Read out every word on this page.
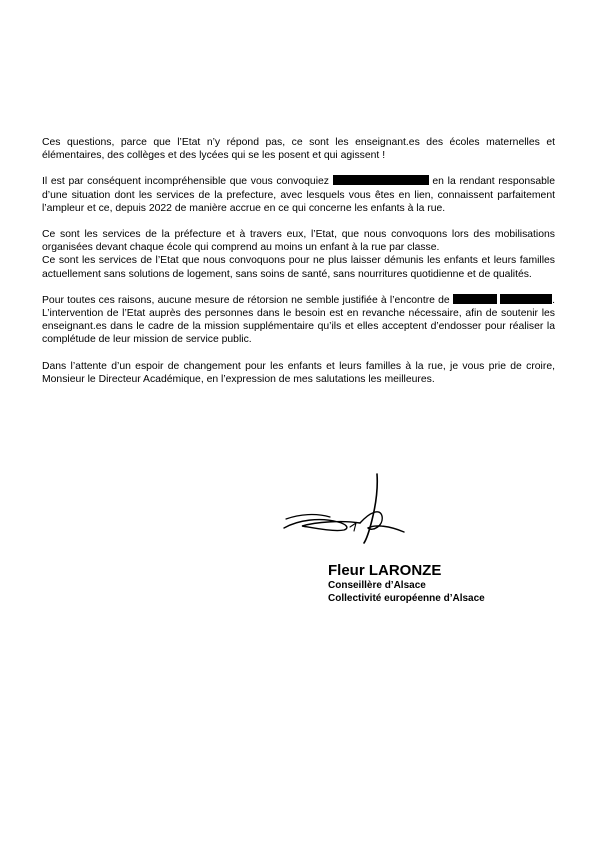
Ces questions, parce que l’Etat n’y répond pas, ce sont les enseignant.es des écoles maternelles et élémentaires, des collèges et des lycées qui se les posent et qui agissent !

Il est par conséquent incompréhensible que vous convoquiez	en la rendant responsable d’une situation dont les services de la prefecture, avec lesquels vous êtes en lien, connaissent parfaitement l’ampleur et ce, depuis 2022 de manière accrue en ce qui concerne les enfants à la rue.

Ce sont les services de la préfecture et à travers eux, l’Etat, que nous convoquons lors des mobilisations organisées devant chaque école qui comprend au moins un enfant à la rue par classe.

Ce sont les services de l’Etat que nous convoquons pour ne plus laisser démunis les enfants et leurs familles actuellement sans solutions de logement, sans soins de santé, sans nourritures quotidienne et de qualités.

Pour toutes ces raisons, aucune mesure de rétorsion ne semble justifiée à l’encontre de	. L’intervention de l’Etat auprès des personnes dans le besoin est en revanche nécessaire, afin de soutenir les enseignant.es dans le cadre de la mission supplémentaire qu’ils et elles acceptent d’endosser pour réaliser la complétude de leur mission de service public.

Dans l’attente d’un espoir de changement pour les enfants et leurs familles à la rue, je vous prie de croire, Monsieur le Directeur Académique, en l’expression de mes salutations les meilleures.

Fleur LARONZE
Conseillère d’Alsace
Collectivité européenne d’Alsace
